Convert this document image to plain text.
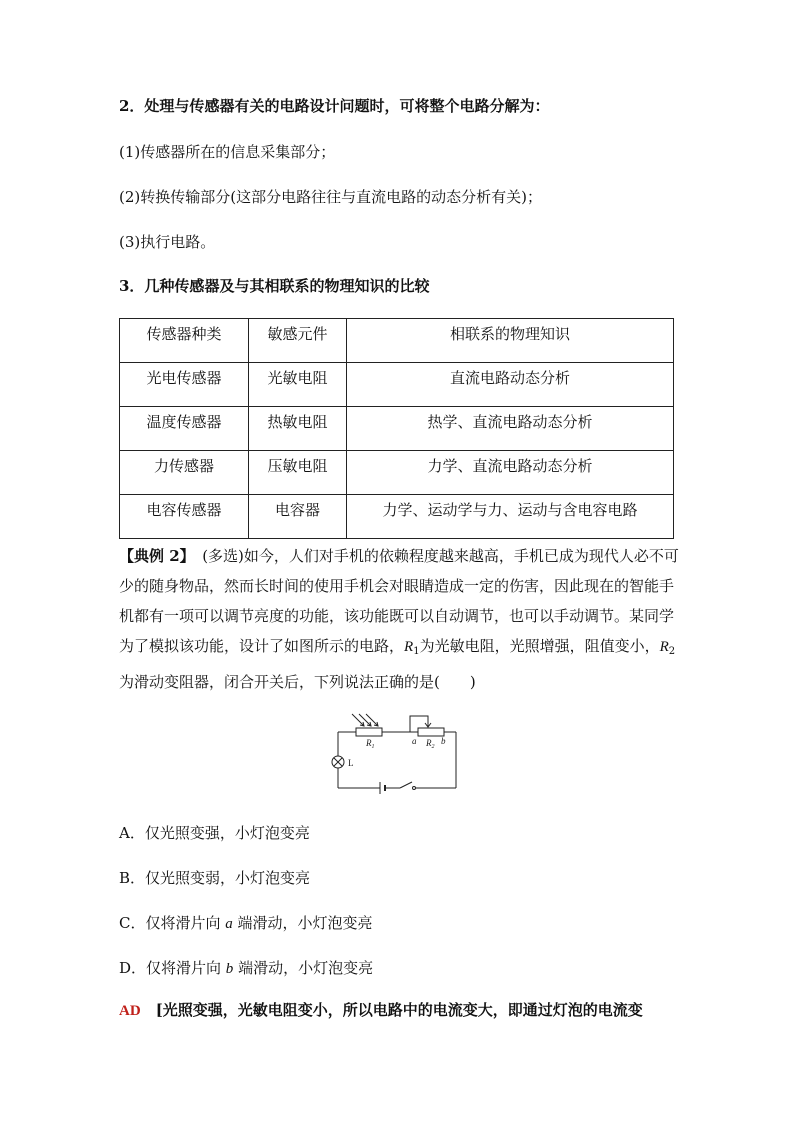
2．处理与传感器有关的电路设计问题时，可将整个电路分解为：
(1)传感器所在的信息采集部分；
(2)转换传输部分(这部分电路往往与直流电路的动态分析有关)；
(3)执行电路。
3．几种传感器及与其相联系的物理知识的比较
传感器种类	敏感元件	相联系的物理知识
光电传感器	光敏电阻	直流电路动态分析
温度传感器	热敏电阻	热学、直流电路动态分析
力传感器	压敏电阻	力学、直流电路动态分析
电容传感器	电容器	力学、运动学与力、运动与含电容电路
【典例 2】　 (多选)如今，人们对手机的依赖程度越来越高，手机已成为现代人必不可少的随身物品，然而长时间的使用手机会对眼睛造成一定的伤害，因此现在的智能手机都有一项可以调节亮度的功能，该功能既可以自动调节，也可以手动调节。某同学为了模拟该功能，设计了如图所示的电路，$R_1$为光敏电阻，光照增强，阻值变小，$R_2$为滑动变阻器，闭合开关后，下列说法正确的是(　　)
$R_1$	$R_2$
a	b
L
A．仅光照变强，小灯泡变亮
B．仅光照变弱，小灯泡变亮
C．仅将滑片向 a 端滑动，小灯泡变亮
D．仅将滑片向 b 端滑动，小灯泡变亮
AD　 [光照变强，光敏电阻变小，所以电路中的电流变大，即通过灯泡的电流变
